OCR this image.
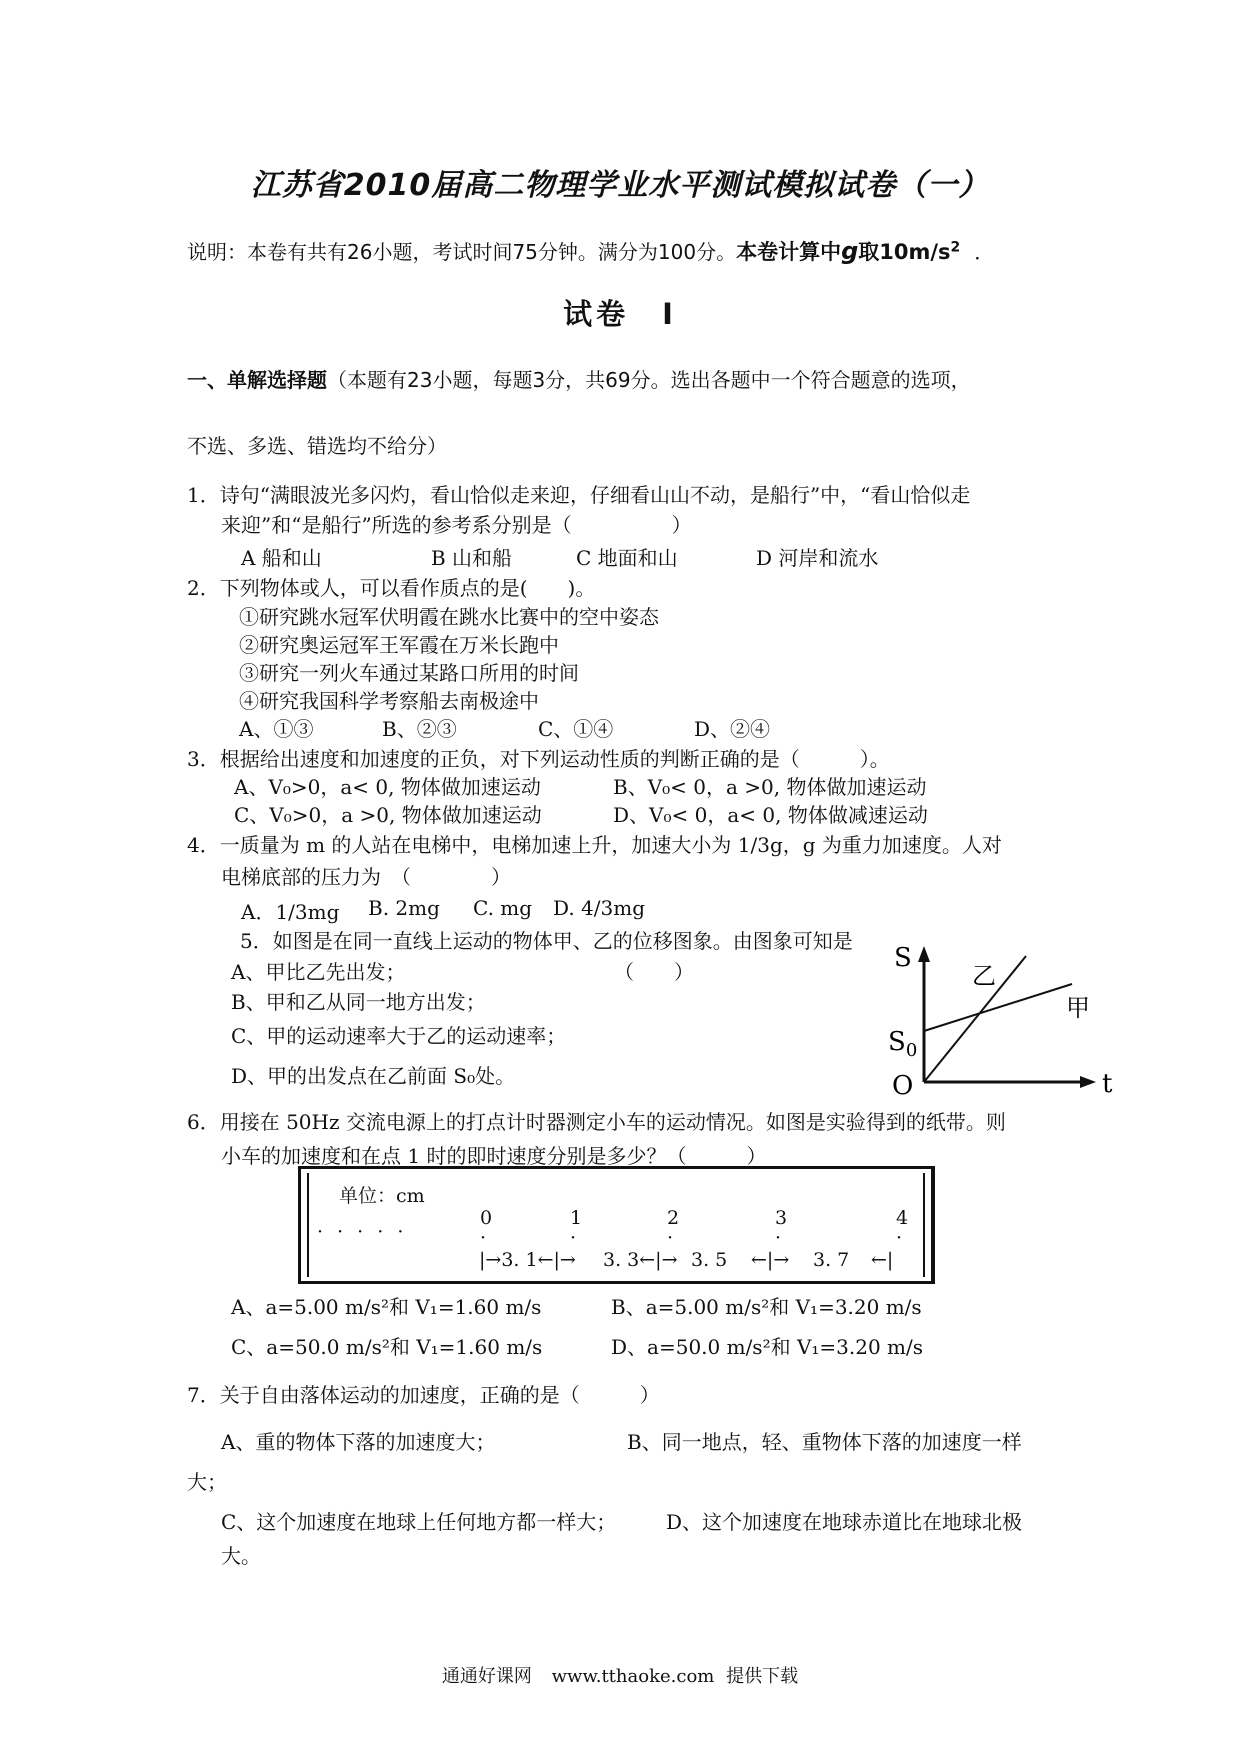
江苏省2010届高二物理学业水平测试模拟试卷（一）
说明：本卷有共有26小题，考试时间75分钟。满分为100分。本卷计算中g取$10m/s^2$ ．
试卷　I
一、单解选择题（本题有23小题，每题3分，共69分。选出各题中一个符合题意的选项，
不选、多选、错选均不给分）
1．诗句“满眼波光多闪灼，看山恰似走来迎，仔细看山山不动，是船行”中，“看山恰似走
来迎”和“是船行”所选的参考系分别是（　　　　　）
A 船和山	B 山和船	C 地面和山	D 河岸和流水
2．下列物体或人，可以看作质点的是(　　)。
①研究跳水冠军伏明霞在跳水比赛中的空中姿态
②研究奥运冠军王军霞在万米长跑中
③研究一列火车通过某路口所用的时间
④研究我国科学考察船去南极途中
A、①③	B、②③	C、①④	D、②④
3．根据给出速度和加速度的正负，对下列运动性质的判断正确的是（　　　）。
A、V₀>0，a< 0, 物体做加速运动	B、V₀< 0，a >0, 物体做加速运动
C、V₀>0，a >0, 物体做加速运动	D、V₀< 0，a< 0, 物体做减速运动
4．一质量为 m 的人站在电梯中，电梯加速上升，加速大小为 1/3g，g 为重力加速度。人对
电梯底部的压力为　（　　　　）
A．1/3mg B. 2mg C. mg D. 4/3mg
5．如图是在同一直线上运动的物体甲、乙的位移图象。由图象可知是
A、甲比乙先出发；	（　　）
B、甲和乙从同一地方出发；
C、甲的运动速率大于乙的运动速率；
D、甲的出发点在乙前面 S₀处。
S
t
O
$S_0$
乙
甲
6．用接在 50Hz 交流电源上的打点计时器测定小车的运动情况。如图是实验得到的纸带。则
小车的加速度和在点 1 时的即时速度分别是多少？（　　　）
单位：cm
0	1	2	3	4
· · · · ·	·	·	·	·	·
|→3. 1←|→ 3. 3←|→ 3. 5 ←|→ 3. 7 ←|
A、a=5.00 m/s²和 V₁=1.60 m/s	B、a=5.00 m/s²和 V₁=3.20 m/s
C、a=50.0 m/s²和 V₁=1.60 m/s	D、a=50.0 m/s²和 V₁=3.20 m/s
7．关于自由落体运动的加速度，正确的是（　　　）
A、重的物体下落的加速度大；	B、同一地点，轻、重物体下落的加速度一样
大；
C、这个加速度在地球上任何地方都一样大； D、这个加速度在地球赤道比在地球北极
大。
通通好课网 www.tthaoke.com 提供下载
